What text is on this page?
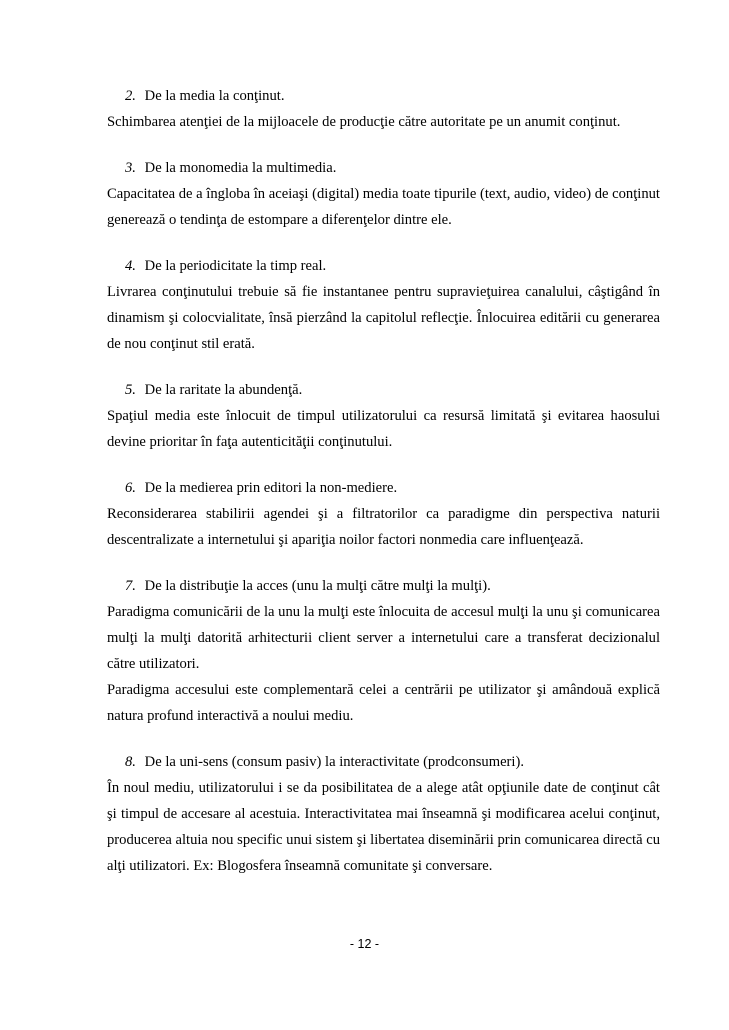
2. De la media la conţinut.

Schimbarea atenţiei de la mijloacele de producţie către autoritate pe un anumit conţinut.

3. De la monomedia la multimedia.

Capacitatea de a îngloba în aceiaşi (digital) media toate tipurile (text, audio, video) de conţinut generează o tendinţa de estompare a diferenţelor dintre ele.

4. De la periodicitate la timp real.

Livrarea conţinutului trebuie să fie instantanee pentru supravieţuirea canalului, câştigând în dinamism şi colocvialitate, însă pierzând la capitolul reflecţie. Înlocuirea editării cu generarea de nou conţinut stil erată.

5. De la raritate la abundenţă.

Spaţiul media este înlocuit de timpul utilizatorului ca resursă limitată şi evitarea haosului devine prioritar în faţa autenticităţii conţinutului.

6. De la medierea prin editori la non-mediere.

Reconsiderarea stabilirii agendei şi a filtratorilor ca paradigme din perspectiva naturii descentralizate a internetului şi apariţia noilor factori nonmedia care influenţează.

7. De la distribuţie la acces (unu la mulţi către mulţi la mulţi).

Paradigma comunicării de la unu la mulţi este înlocuita de accesul mulţi la unu şi comunicarea mulţi la mulţi datorită arhitecturii client server a internetului care a transferat decizionalul către utilizatori.

Paradigma accesului este complementară celei a centrării pe utilizator şi amândouă explică natura profund interactivă a noului mediu.

8. De la uni-sens (consum pasiv) la interactivitate (prodconsumeri).

În noul mediu, utilizatorului i se da posibilitatea de a alege atât opţiunile date de conţinut cât şi timpul de accesare al acestuia. Interactivitatea mai înseamnă şi modificarea acelui conţinut, producerea altuia nou specific unui sistem şi libertatea diseminării prin comunicarea directă cu alţi utilizatori. Ex: Blogosfera înseamnă comunitate şi conversare.

- 12 -
